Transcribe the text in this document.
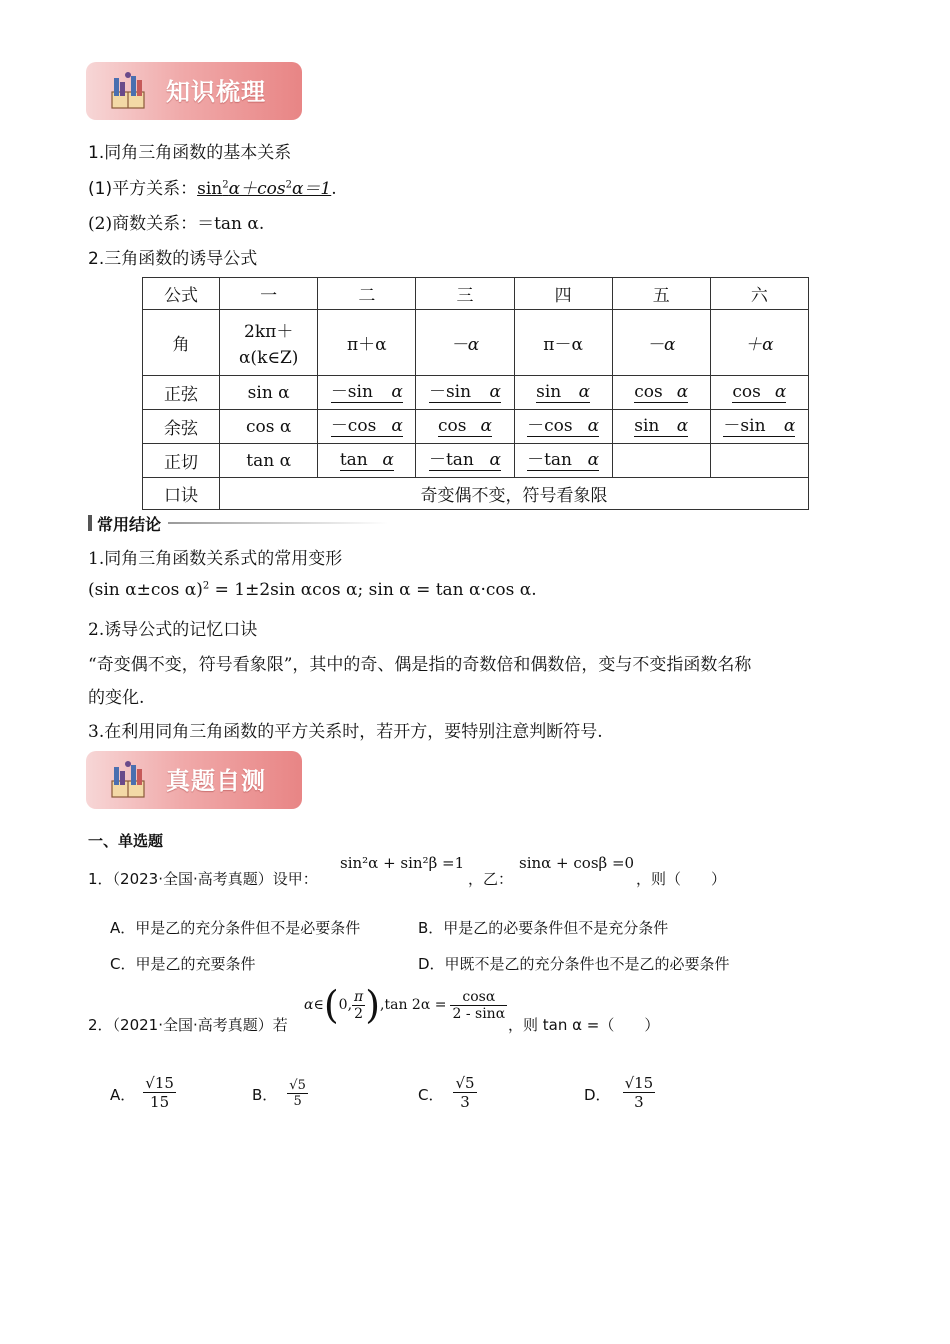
知识梳理
1.同角三角函数的基本关系
(1)平方关系：$\sin^2\alpha+\cos^2\alpha=1$.
(2)商数关系：＝tan α.
2.三角函数的诱导公式
公式	一	二	三	四	五	六
角	2kπ＋
α(k∈Z)	π＋α	－α	π－α	－α	＋α
正弦	sin α	－sin α	－sin α	sin α	cos α	cos α

余弦	cos α	－cos α	cos α	－cos α	sin α	－sin α

正切	tan α	tan α	－tan α	－tan α		

口诀	奇变偶不变，符号看象限					
常用结论
1.同角三角函数关系式的常用变形
(sin α±cos α)$^2$ = 1±2sin αcos α; sin α = tan α·cos α.
2.诱导公式的记忆口诀
“奇变偶不变，符号看象限”，其中的奇、偶是指的奇数倍和偶数倍，变与不变指函数名称
的变化.
3.在利用同角三角函数的平方关系时，若开方，要特别注意判断符号.
真题自测
一、单选题
1．（2023·全国·高考真题）设甲：
sin²α + sin²β =1
，乙：
sinα + cosβ =0
，则（　　）
A．甲是乙的充分条件但不是必要条件	B．甲是乙的必要条件但不是充分条件
C．甲是乙的充要条件	D．甲既不是乙的充分条件也不是乙的必要条件
2．（2021·全国·高考真题）若
α∈ ( 0, $\frac{\pi}{2}$ ) ,tan $2\alpha = \frac{\cos\alpha}{2 - \sin\alpha}$
，则 tan α =（　　）
A． $\frac{√15}{15}$	B． $\frac{√5}{5}$	C． $\frac{√5}{3}$	D． $\frac{√15}{3}$
